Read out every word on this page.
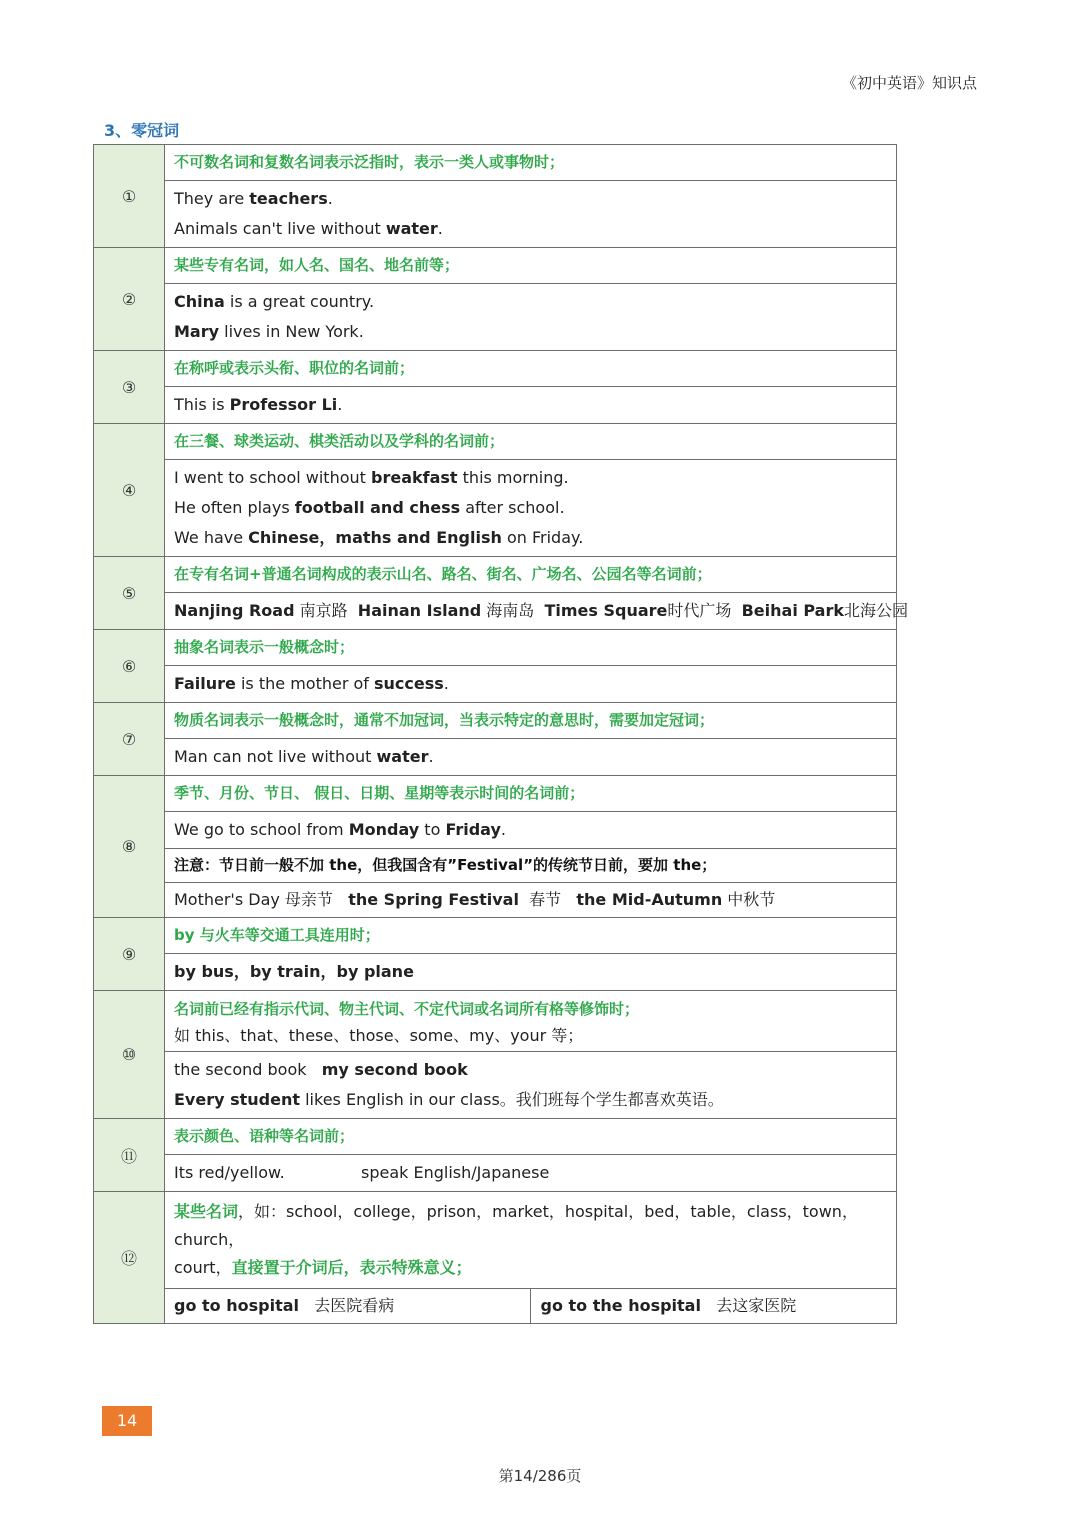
《初中英语》知识点
3、零冠词
①	不可数名词和复数名词表示泛指时，表示一类人或事物时；

	They are teachers.
Animals can't live without water.

②	某些专有名词，如人名、国名、地名前等；

	China is a great country.
Mary lives in New York.

③	在称呼或表示头衔、职位的名词前；

	This is Professor Li.

④	在三餐、球类运动、棋类活动以及学科的名词前；

	I went to school without breakfast this morning.
He often plays football and chess after school.
We have Chinese，maths and English on Friday.

⑤	在专有名词+普通名词构成的表示山名、路名、街名、广场名、公园名等名词前；

	Nanjing Road 南京路  Hainan Island 海南岛  Times Square时代广场  Beihai Park北海公园

⑥	抽象名词表示一般概念时；

	Failure is the mother of success.

⑦	物质名词表示一般概念时，通常不加冠词，当表示特定的意思时，需要加定冠词；

	Man can not live without water.

⑧	季节、月份、节日、 假日、日期、星期等表示时间的名词前；

	We go to school from Monday to Friday.

	注意：节日前一般不加 the，但我国含有”Festival”的传统节日前，要加 the；

	Mother's Day 母亲节   the Spring Festival  春节   the Mid-Autumn 中秋节

⑨	by 与火车等交通工具连用时；

	by bus，by train，by plane

⑩	名词前已经有指示代词、物主代词、不定代词或名词所有格等修饰时；
如 this、that、these、those、some、my、your 等；

	the second book   my second book
Every student likes English in our class。我们班每个学生都喜欢英语。

⑪	表示颜色、语种等名词前；

	Its red/yellow.               speak English/Japanese

⑫	某些名词，如：school，college，prison，market，hospital，bed，table，class，town， church，
court，直接置于介词后，表示特殊意义；

	go to hospital   去医院看病 go to the hospital   去这家医院
14
第14/286页
